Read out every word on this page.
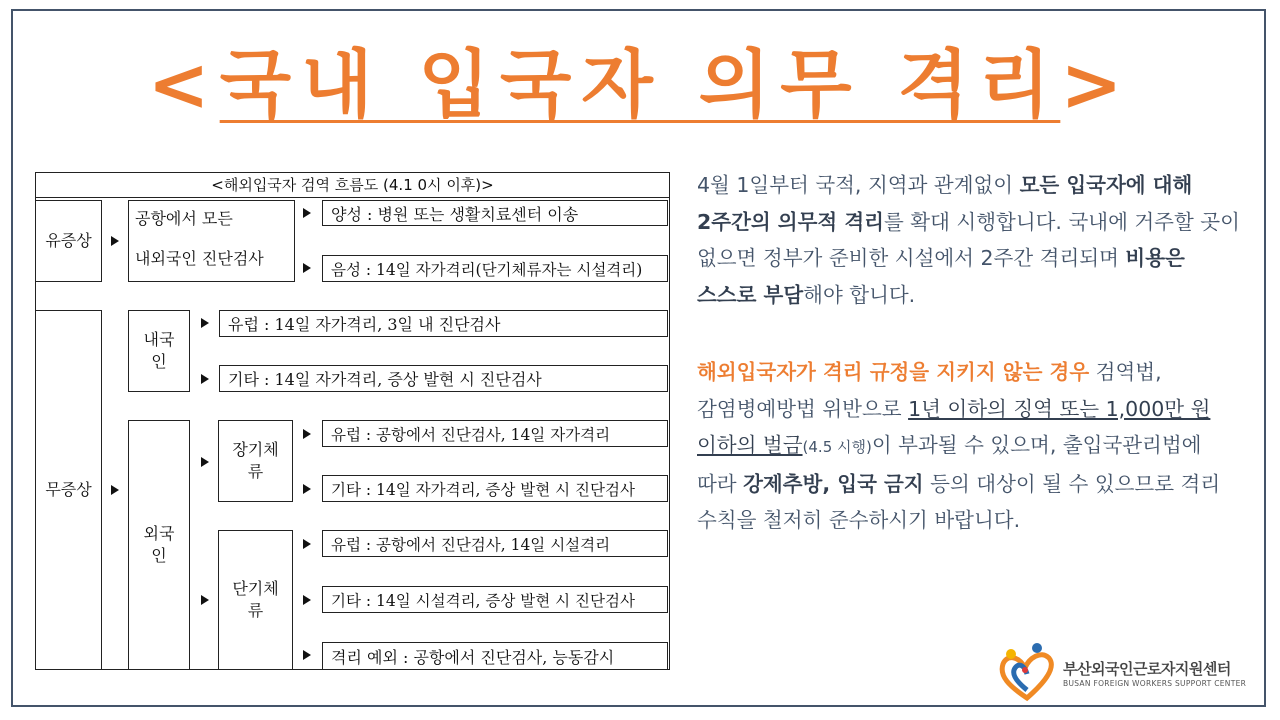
<국내 입국자 의무 격리>
<해외입국자 검역 흐름도 (4.1 0시 이후)>
유증상
공항에서 모든
내외국인 진단검사
양성 : 병원 또는 생활치료센터 이송
음성 : 14일 자가격리(단기체류자는 시설격리)
무증상
내국
인
유럽 : 14일 자가격리, 3일 내 진단검사
기타 : 14일 자가격리, 증상 발현 시 진단검사
외국
인
장기체
류
유럽 : 공항에서 진단검사, 14일 자가격리
기타 : 14일 자가격리, 증상 발현 시 진단검사
단기체
류
유럽 : 공항에서 진단검사, 14일 시설격리
기타 : 14일 시설격리, 증상 발현 시 진단검사
격리 예외 : 공항에서 진단검사, 능동감시

4월 1일부터 국적, 지역과 관계없이 모든 입국자에 대해 2주간의 의무적 격리를 확대 시행합니다. 국내에 거주할 곳이 없으면 정부가 준비한 시설에서 2주간 격리되며 비용은 스스로 부담해야 합니다.

해외입국자가 격리 규정을 지키지 않는 경우 검역법, 감염병예방법 위반으로 1년 이하의 징역 또는 1,000만 원 이하의 벌금(4.5 시행)이 부과될 수 있으며, 출입국관리법에 따라 강제추방, 입국 금지 등의 대상이 될 수 있으므로 격리 수칙을 철저히 준수하시기 바랍니다.

부산외국인근로자지원센터
BUSAN FOREIGN WORKERS SUPPORT CENTER
